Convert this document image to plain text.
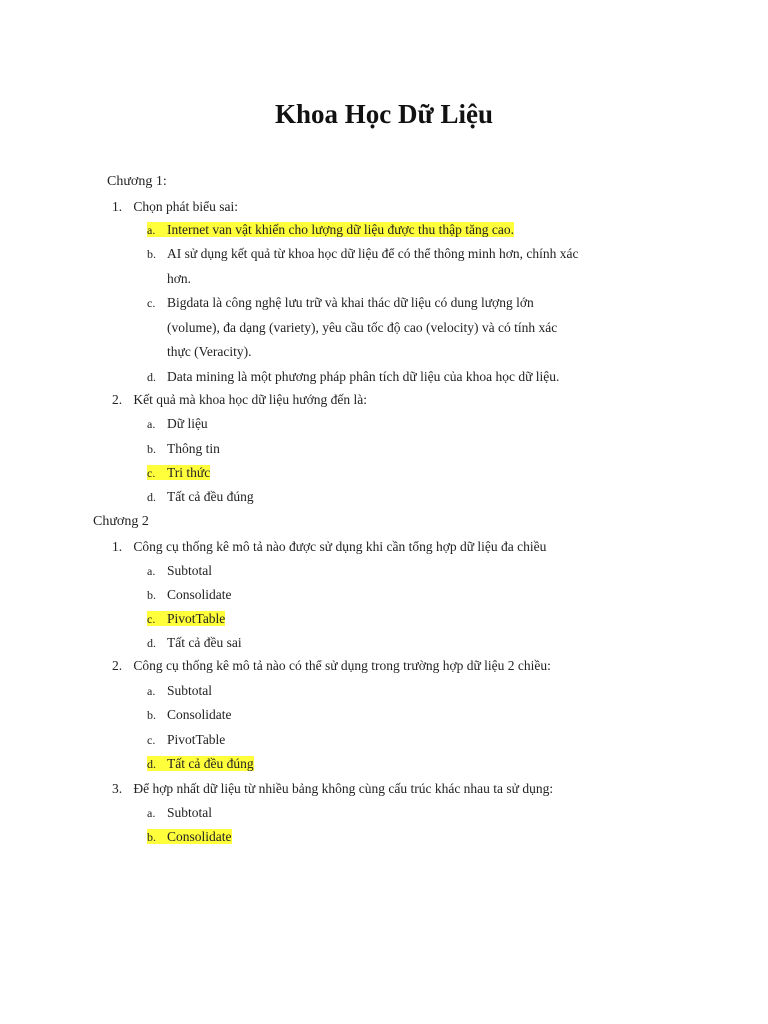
Khoa Học Dữ Liệu
Chương 1:
1. Chọn phát biểu sai:
a. Internet van vật khiến cho lượng dữ liệu được thu thập tăng cao.
b. AI sử dụng kết quả từ khoa học dữ liệu để có thể thông minh hơn, chính xác
hơn.
c. Bigdata là công nghệ lưu trữ và khai thác dữ liệu có dung lượng lớn
(volume), đa dạng (variety), yêu cầu tốc độ cao (velocity) và có tính xác
thực (Veracity).
d. Data mining là một phương pháp phân tích dữ liệu của khoa học dữ liệu.
2. Kết quả mà khoa học dữ liệu hướng đến là:
a. Dữ liệu
b. Thông tin
c. Tri thức
d. Tất cả đều đúng
Chương 2
1. Công cụ thống kê mô tả nào được sử dụng khi cần tổng hợp dữ liệu đa chiều
a. Subtotal
b. Consolidate
c. PivotTable
d. Tất cả đều sai
2. Công cụ thống kê mô tả nào có thể sử dụng trong trường hợp dữ liệu 2 chiều:
a. Subtotal
b. Consolidate
c. PivotTable
d. Tất cả đều đúng
3. Để hợp nhất dữ liệu từ nhiều bảng không cùng cấu trúc khác nhau ta sử dụng:
a. Subtotal
b. Consolidate
